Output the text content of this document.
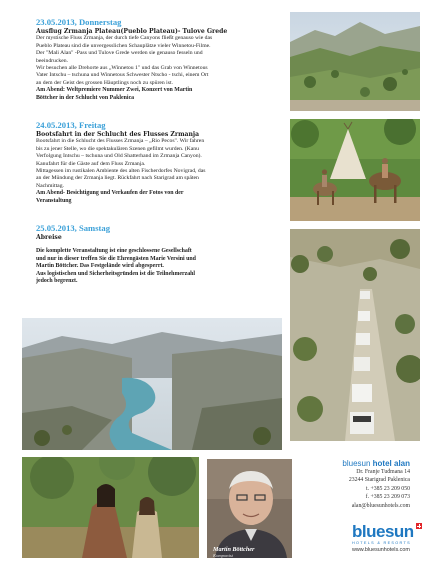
23.05.2013, Donnerstag
Ausflug Zrmanja Plateau(Pueblo Plateau)- Tulove Grede
Der mystische Fluss Zrmanja, der durch tiefe Canyons fließt genauso wie das
Pueblo Plateau sind die unvergesslichen Schauplätze vieler Winnetou-Filme.
Der "Mali Alan" -Pass und Tulove Grede werden sie genauso fesseln und
beeindrucken.
Wir besuchen alle Drehorte aus „Winnetou 1" und das Grab von Winnetous
Vater Intschu – tschuna und Winnetous Schwester Ntscho - tschi, einem Ort
an dem der Geist des grossen Häuptlings noch zu spüren ist.
Am Abend: Weltpremiere Nummer Zwei, Konzert von Martin
Böttcher in der Schlucht von Paklenica
24.05.2013, Freitag
Bootsfahrt in der Schlucht des Flusses Zrmanja
Bootsfahrt in die Schlucht des Flusses Zrmanja – „Rio Pecos". Wir fahren
bis zu jener Stelle, wo die spektakulären Szenen gefilmt wurden. (Kanu
Verfolgung Intschu – tschuna und Old Shatterhand im Zrmanja Canyon).
Kanufahrt für die Gäste auf dem Fluss Zrmanja.
Mittagessen im rustikalen Ambiente des alten Fischerdorfes Novigrad, das
an der Mündung der Zrmanja liegt. Rückfahrt nach Starigrad am späten
Nachmittag.
Am Abend- Besichtigung und Verkaufen der Fotos von der
Veranstaltung
25.05.2013, Samstag
Abreise
Die komplette Veranstaltung ist eine geschlossene Gesellschaft
und nur in dieser treffen Sie die Ehrengästen Marie Versini und
Martin Böttcher. Das Festgelände wird abgesperrt.
Aus logistischen und Sicherheitsgründen ist die Teilnehmerzahl
jedoch begrenzt.
Martin Böttcher
Komponist
bluesun hotel alan
Dr. Franje Tuđmana 14
23244 Starigrad Paklenica
t. +385 23 209 050
f. +385 23 209 073
alan@bluesunhotels.com
bluesun
HOTELS & RESORTS
www.bluesunhotels.com
